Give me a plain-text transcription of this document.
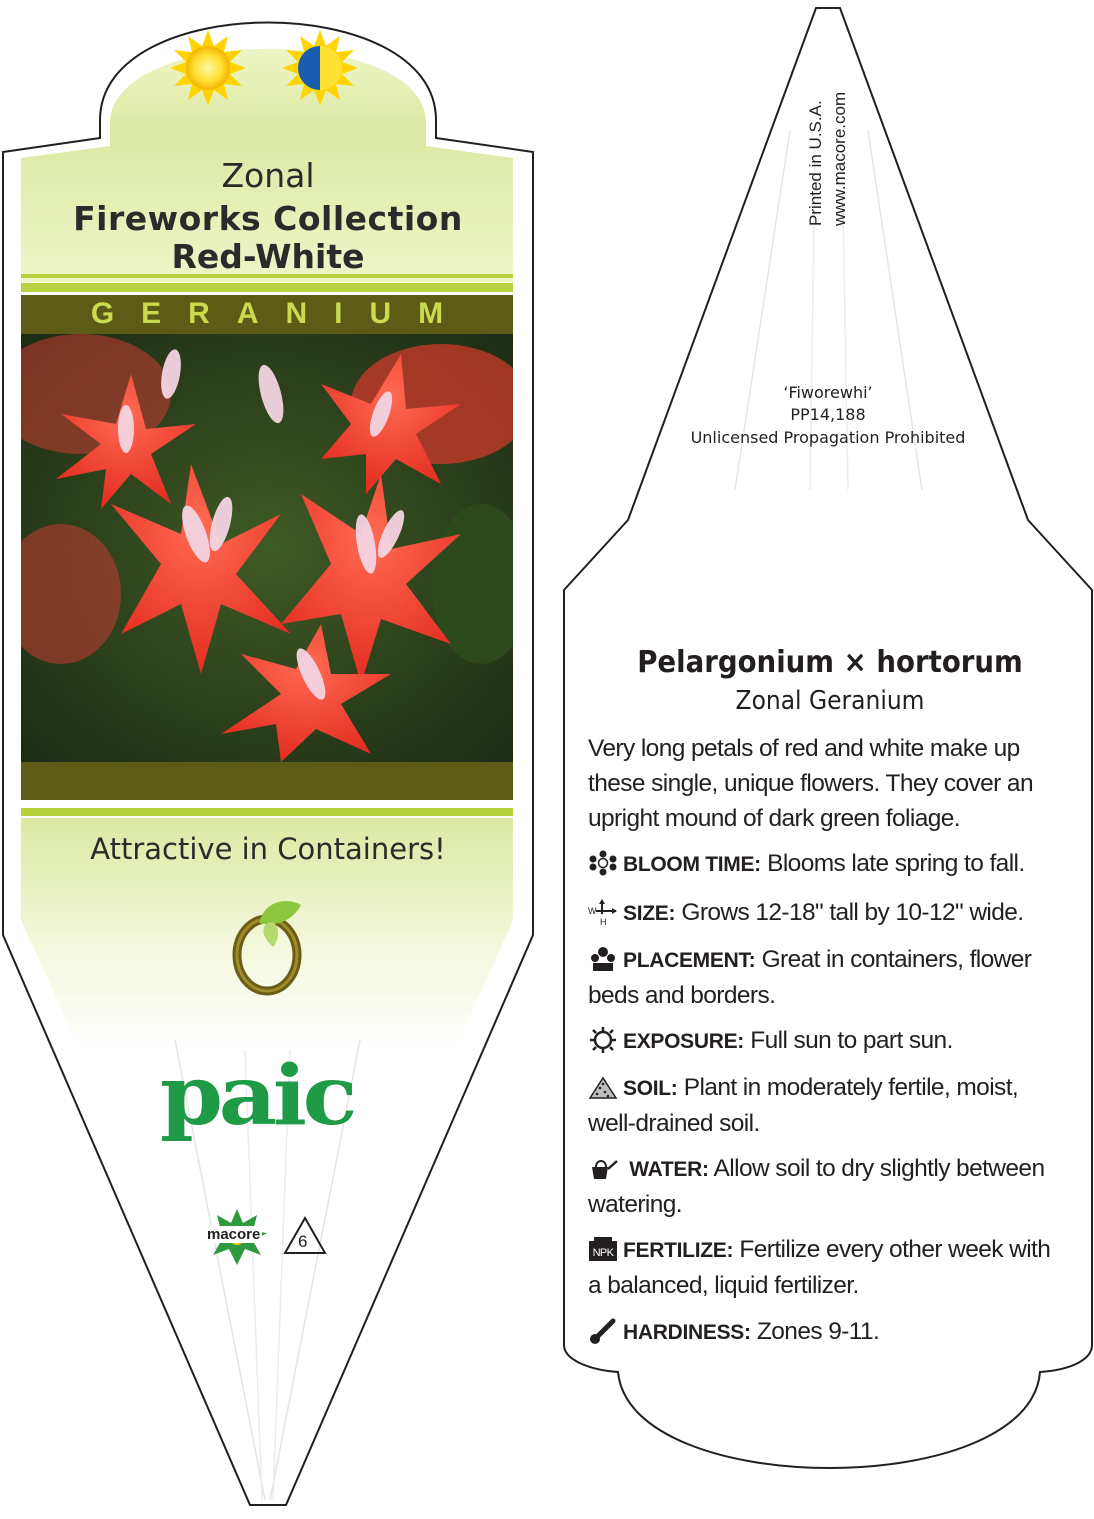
Zonal
Fireworks Collection
Red-White
GERANIUM
Attractive in Containers!
paic
macore 6
Printed in U.S.A. www.macore.com
‘Fiworewhi’
PP14,188
Unlicensed Propagation Prohibited
Pelargonium × hortorum
Zonal Geranium
Very long petals of red and white make up these single, unique flowers. They cover an upright mound of dark green foliage.
BLOOM TIME: Blooms late spring to fall.
W
H SIZE: Grows 12-18" tall by 10-12" wide.
PLACEMENT: Great in containers, flower beds and borders.
EXPOSURE: Full sun to part sun.
SOIL: Plant in moderately fertile, moist, well-drained soil.
WATER: Allow soil to dry slightly between watering.
NPK FERTILIZE: Fertilize every other week with a balanced, liquid fertilizer.
HARDINESS: Zones 9-11.
